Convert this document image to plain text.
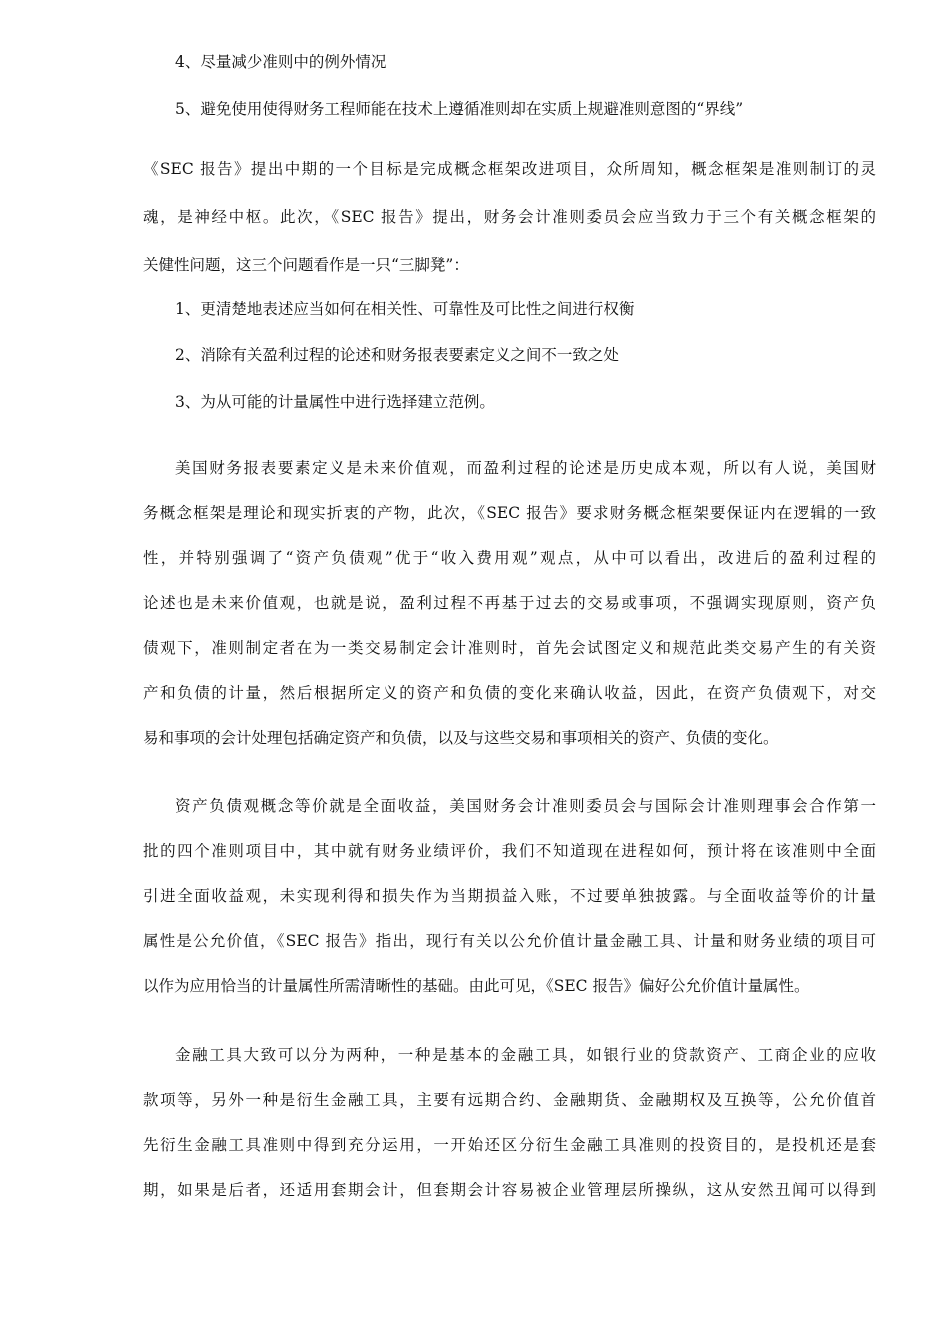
4、尽量减少准则中的例外情况
5、避免使用使得财务工程师能在技术上遵循准则却在实质上规避准则意图的“界线”
《SEC 报告》提出中期的一个目标是完成概念框架改进项目，众所周知，概念框架是准则制订的灵
魂，是神经中枢。此次，《SEC 报告》提出，财务会计准则委员会应当致力于三个有关概念框架的
关健性问题，这三个问题看作是一只“三脚凳”：
1、更清楚地表述应当如何在相关性、可靠性及可比性之间进行权衡
2、消除有关盈利过程的论述和财务报表要素定义之间不一致之处
3、为从可能的计量属性中进行选择建立范例。
美国财务报表要素定义是未来价值观，而盈利过程的论述是历史成本观，所以有人说，美国财
务概念框架是理论和现实折衷的产物，此次，《SEC 报告》要求财务概念框架要保证内在逻辑的一致
性，并特别强调了“资产负债观”优于“收入费用观”观点，从中可以看出，改进后的盈利过程的
论述也是未来价值观，也就是说，盈利过程不再基于过去的交易或事项，不强调实现原则，资产负
债观下，准则制定者在为一类交易制定会计准则时，首先会试图定义和规范此类交易产生的有关资
产和负债的计量，然后根据所定义的资产和负债的变化来确认收益，因此，在资产负债观下，对交
易和事项的会计处理包括确定资产和负债，以及与这些交易和事项相关的资产、负债的变化。
资产负债观概念等价就是全面收益，美国财务会计准则委员会与国际会计准则理事会合作第一
批的四个准则项目中，其中就有财务业绩评价，我们不知道现在进程如何，预计将在该准则中全面
引进全面收益观，未实现利得和损失作为当期损益入账，不过要单独披露。与全面收益等价的计量
属性是公允价值，《SEC 报告》指出，现行有关以公允价值计量金融工具、计量和财务业绩的项目可
以作为应用恰当的计量属性所需清晰性的基础。由此可见，《SEC 报告》偏好公允价值计量属性。
金融工具大致可以分为两种，一种是基本的金融工具，如银行业的贷款资产、工商企业的应收
款项等，另外一种是衍生金融工具，主要有远期合约、金融期货、金融期权及互换等，公允价值首
先衍生金融工具准则中得到充分运用，一开始还区分衍生金融工具准则的投资目的，是投机还是套
期，如果是后者，还适用套期会计，但套期会计容易被企业管理层所操纵，这从安然丑闻可以得到
